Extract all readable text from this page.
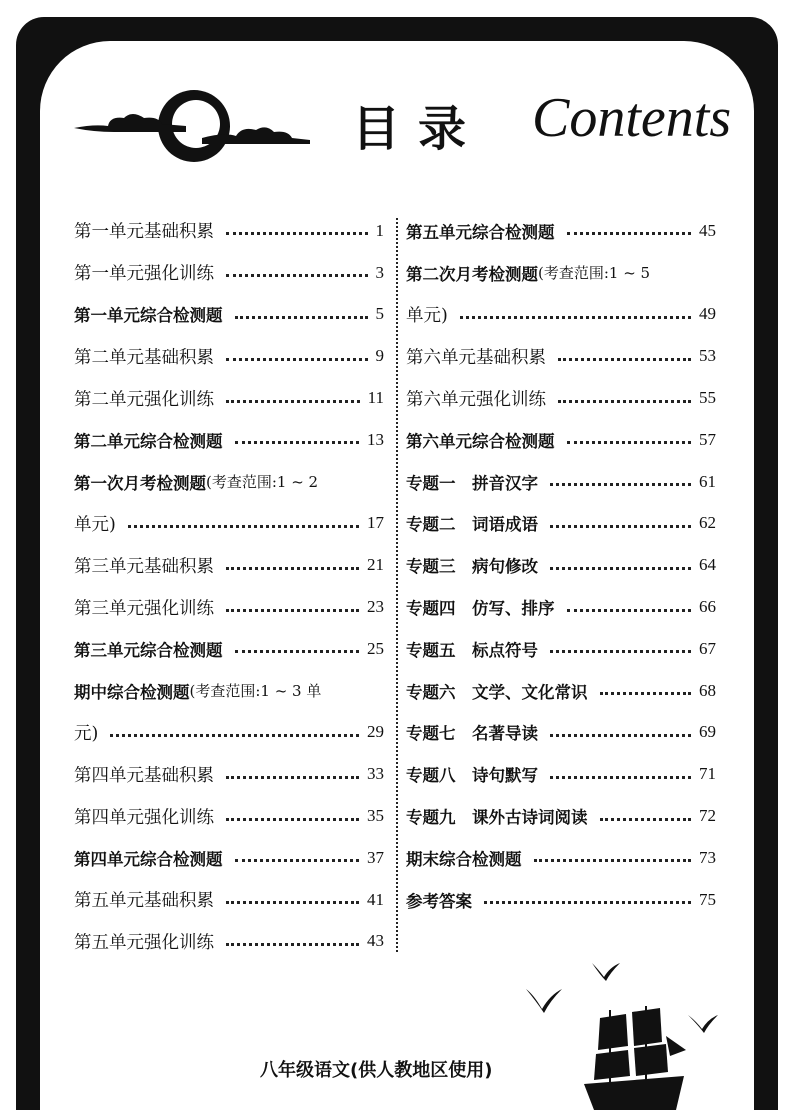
目录 Contents
第一单元基础积累	1
第一单元强化训练	3
第一单元综合检测题	5
第二单元基础积累	9
第二单元强化训练	11
第二单元综合检测题	13
第一次月考检测题 (考查范围:1 ~ 2
单元)	17
第三单元基础积累	21
第三单元强化训练	23
第三单元综合检测题	25
期中综合检测题 (考查范围:1 ~ 3 单
元)	29
第四单元基础积累	33
第四单元强化训练	35
第四单元综合检测题	37
第五单元基础积累	41
第五单元强化训练	43
第五单元综合检测题	45
第二次月考检测题 (考查范围:1 ~ 5
单元)	49
第六单元基础积累	53
第六单元强化训练	55
第六单元综合检测题	57
专题一　拼音汉字	61
专题二　词语成语	62
专题三　病句修改	64
专题四　仿写、排序	66
专题五　标点符号	67
专题六　文学、文化常识	68
专题七　名著导读	69
专题八　诗句默写	71
专题九　课外古诗词阅读	72
期末综合检测题	73
参考答案	75
八年级语文(供人教地区使用)
